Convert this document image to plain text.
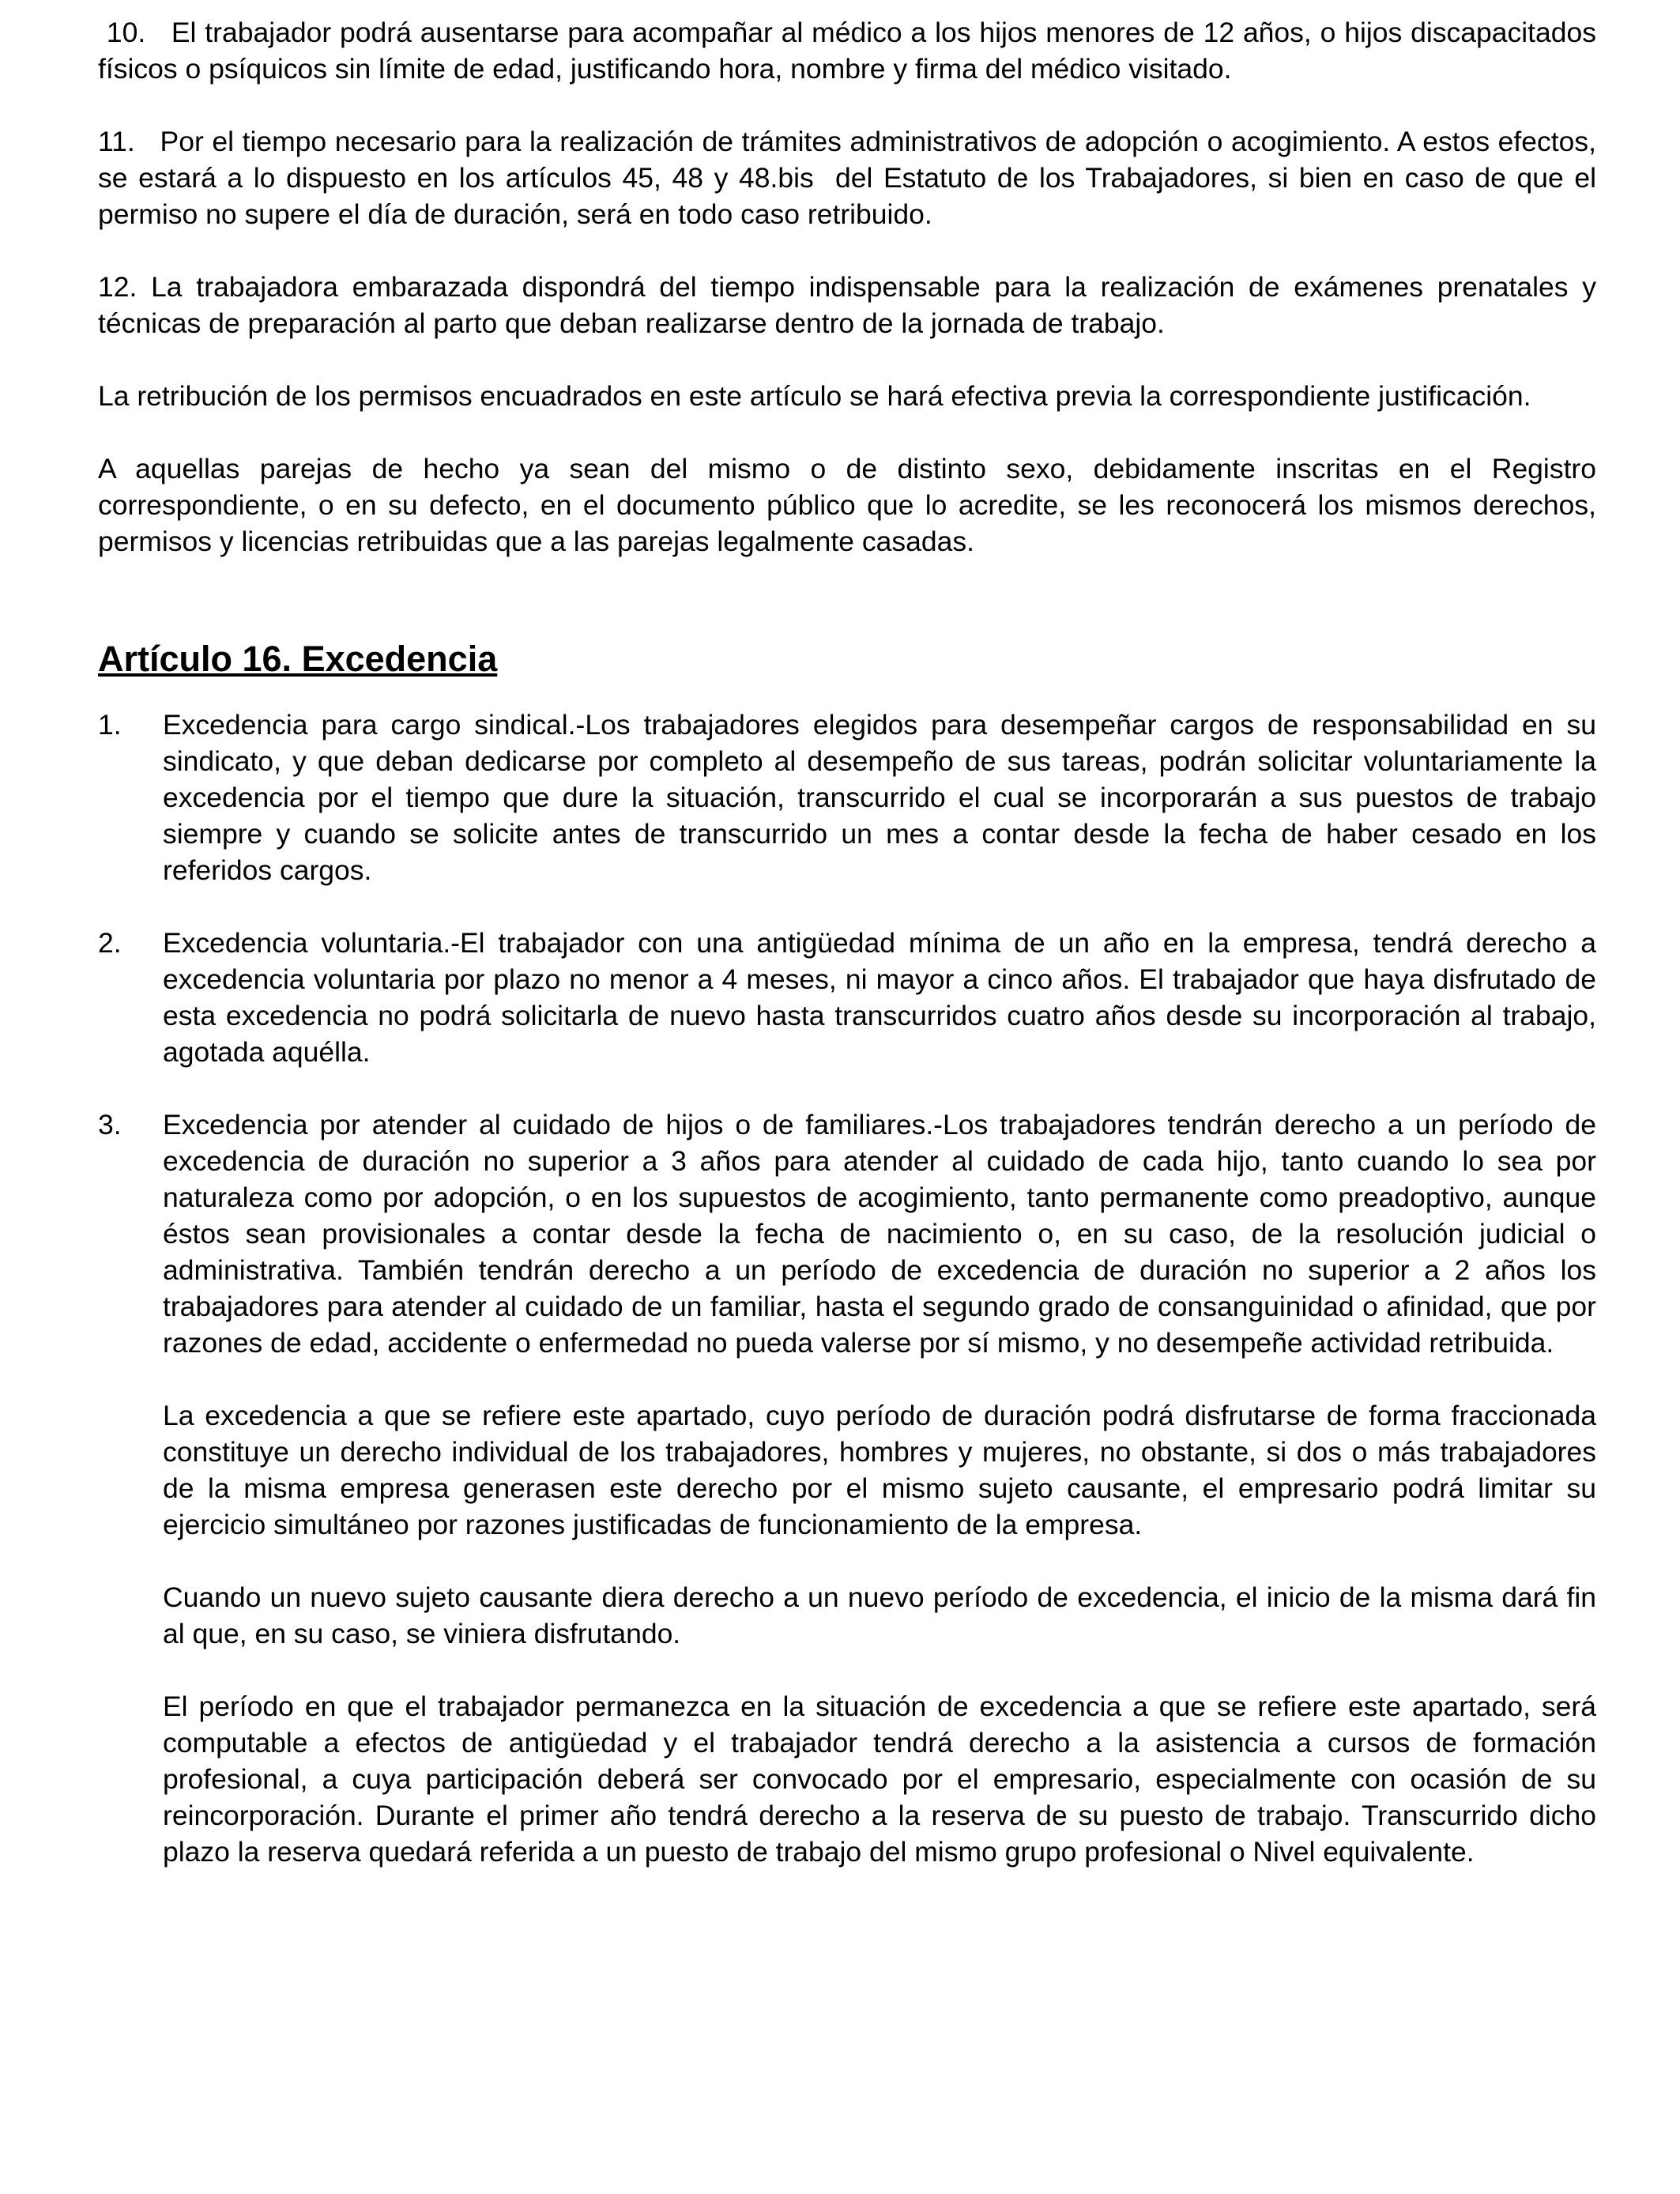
10.   El trabajador podrá ausentarse para acompañar al médico a los hijos menores de 12 años, o hijos discapacitados físicos o psíquicos sin límite de edad, justificando hora, nombre y firma del médico visitado.

11.   Por el tiempo necesario para la realización de trámites administrativos de adopción o acogimiento. A estos efectos, se estará a lo dispuesto en los artículos 45, 48 y 48.bis  del Estatuto de los Trabajadores, si bien en caso de que el permiso no supere el día de duración, será en todo caso retribuido.

12. La trabajadora embarazada dispondrá del tiempo indispensable para la realización de exámenes prenatales y técnicas de preparación al parto que deban realizarse dentro de la jornada de trabajo.

La retribución de los permisos encuadrados en este artículo se hará efectiva previa la correspondiente justificación.

A aquellas parejas de hecho ya sean del mismo o de distinto sexo, debidamente inscritas en el Registro correspondiente, o en su defecto, en el documento público que lo acredite, se les reconocerá los mismos derechos, permisos y licencias retribuidas que a las parejas legalmente casadas.

Artículo 16. Excedencia
1.	Excedencia para cargo sindical.-Los trabajadores elegidos para desempeñar cargos de responsabilidad en su sindicato, y que deban dedicarse por completo al desempeño de sus tareas, podrán solicitar voluntariamente la excedencia por el tiempo que dure la situación, transcurrido el cual se incorporarán a sus puestos de trabajo siempre y cuando se solicite antes de transcurrido un mes a contar desde la fecha de haber cesado en los referidos cargos.

2.	Excedencia voluntaria.-El trabajador con una antigüedad mínima de un año en la empresa, tendrá derecho a excedencia voluntaria por plazo no menor a 4 meses, ni mayor a cinco años. El trabajador que haya disfrutado de esta excedencia no podrá solicitarla de nuevo hasta transcurridos cuatro años desde su incorporación al trabajo, agotada aquélla.

3.	Excedencia por atender al cuidado de hijos o de familiares.-Los trabajadores tendrán derecho a un período de excedencia de duración no superior a 3 años para atender al cuidado de cada hijo, tanto cuando lo sea por naturaleza como por adopción, o en los supuestos de acogimiento, tanto permanente como preadoptivo, aunque éstos sean provisionales a contar desde la fecha de nacimiento o, en su caso, de la resolución judicial o administrativa. También tendrán derecho a un período de excedencia de duración no superior a 2 años los trabajadores para atender al cuidado de un familiar, hasta el segundo grado de consanguinidad o afinidad, que por razones de edad, accidente o enfermedad no pueda valerse por sí mismo, y no desempeñe actividad retribuida.

La excedencia a que se refiere este apartado, cuyo período de duración podrá disfrutarse de forma fraccionada constituye un derecho individual de los trabajadores, hombres y mujeres, no obstante, si dos o más trabajadores de la misma empresa generasen este derecho por el mismo sujeto causante, el empresario podrá limitar su ejercicio simultáneo por razones justificadas de funcionamiento de la empresa.

Cuando un nuevo sujeto causante diera derecho a un nuevo período de excedencia, el inicio de la misma dará fin al que, en su caso, se viniera disfrutando.

El período en que el trabajador permanezca en la situación de excedencia a que se refiere este apartado, será computable a efectos de antigüedad y el trabajador tendrá derecho a la asistencia a cursos de formación profesional, a cuya participación deberá ser convocado por el empresario, especialmente con ocasión de su reincorporación. Durante el primer año tendrá derecho a la reserva de su puesto de trabajo. Transcurrido dicho plazo la reserva quedará referida a un puesto de trabajo del mismo grupo profesional o Nivel equivalente.
